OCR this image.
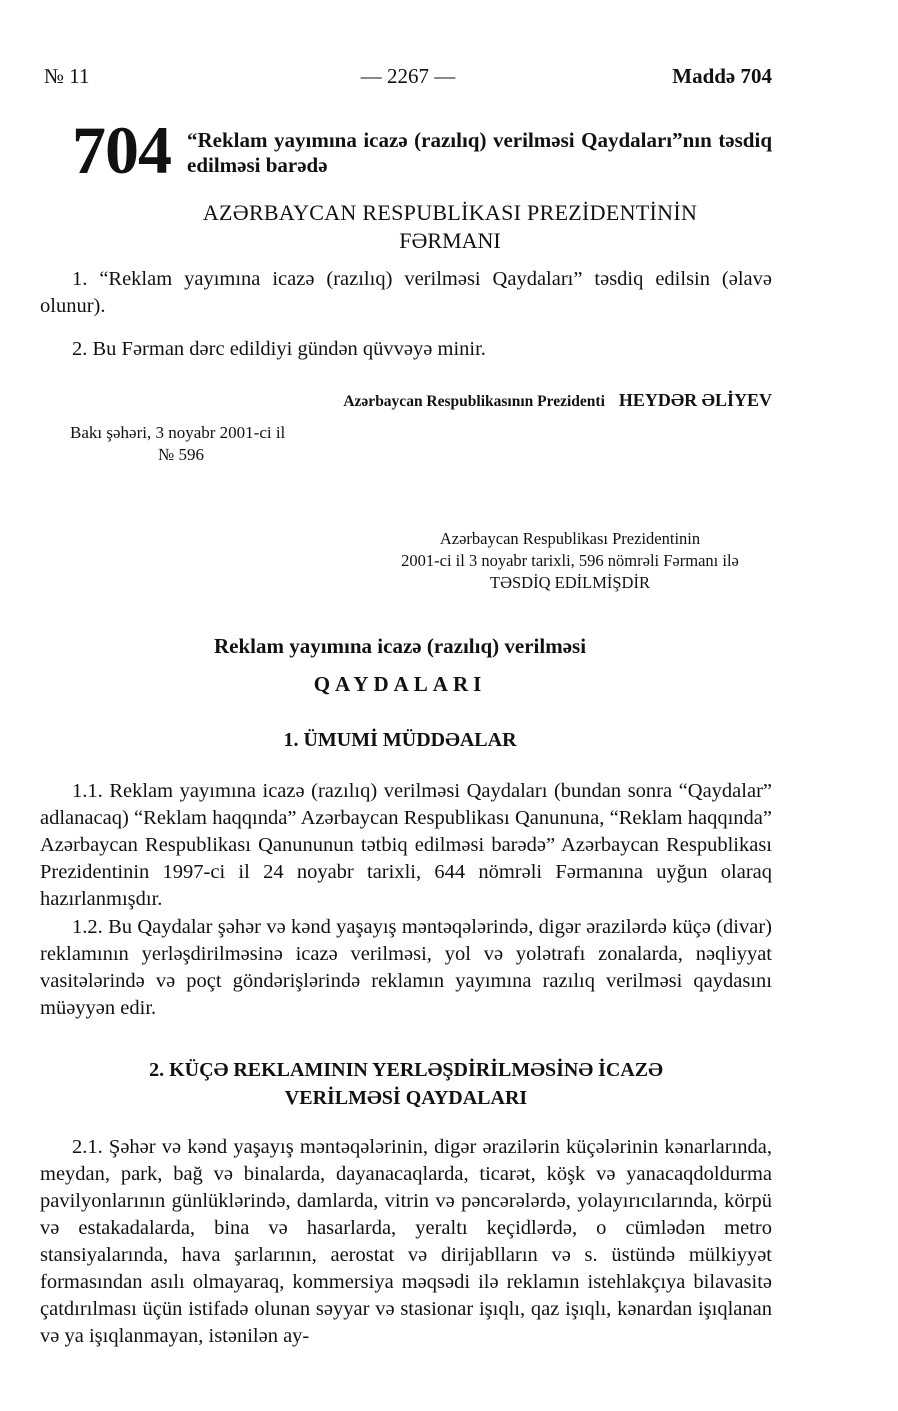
№ 11	— 2267 —	Maddə 704
704 “Reklam yayımına icazə (razılıq) verilməsi Qaydaları”nın təsdiq edilməsi barədə
AZƏRBAYCAN RESPUBLİKASI PREZİDENTİNİN
FƏRMANI

1. “Reklam yayımına icazə (razılıq) verilməsi Qaydaları” təsdiq edilsin (əlavə olunur).

2. Bu Fərman dərc edildiyi gündən qüvvəyə minir.

Azərbaycan Respublikasının Prezidenti HEYDƏR ƏLİYEV
Bakı şəhəri, 3 noyabr 2001-ci il
№ 596
Azərbaycan Respublikası Prezidentinin
2001-ci il 3 noyabr tarixli, 596 nömrəli Fərmanı ilə
TƏSDİQ EDİLMİŞDİR
Reklam yayımına icazə (razılıq) verilməsi
QAYDALARI
1. ÜMUMİ MÜDDƏALAR

1.1. Reklam yayımına icazə (razılıq) verilməsi Qaydaları (bundan sonra “Qaydalar” adlanacaq) “Reklam haqqında” Azərbaycan Respublikası Qanununa, “Reklam haqqında” Azərbaycan Respublikası Qanununun tətbiq edilməsi barədə” Azərbaycan Respublikası Prezidentinin 1997-ci il 24 noyabr tarixli, 644 nömrəli Fərmanına uyğun olaraq hazırlanmışdır.

1.2. Bu Qaydalar şəhər və kənd yaşayış məntəqələrində, digər ərazilərdə küçə (divar) reklamının yerləşdirilməsinə icazə verilməsi, yol və yolətrafı zonalarda, nəqliyyat vasitələrində və poçt göndərişlərində reklamın yayımına razılıq verilməsi qaydasını müəyyən edir.

2. KÜÇƏ REKLAMININ YERLƏŞDİRİLMƏSİNƏ İCAZƏ
VERİLMƏSİ QAYDALARI

2.1. Şəhər və kənd yaşayış məntəqələrinin, digər ərazilərin küçələrinin kənarlarında, meydan, park, bağ və binalarda, dayanacaqlarda, ticarət, köşk və yanacaqdoldurma pavilyonlarının günlüklərində, damlarda, vitrin və pəncərələrdə, yolayırıcılarında, körpü və estakadalarda, bina və hasarlarda, yeraltı keçidlərdə, o cümlədən metro stansiyalarında, hava şarlarının, aerostat və dirijablların və s. üstündə mülkiyyət formasından asılı olmayaraq, kommersiya məqsədi ilə reklamın istehlakçıya bilavasitə çatdırılması üçün istifadə olunan səyyar və stasionar işıqlı, qaz işıqlı, kənardan işıqlanan və ya işıqlanmayan, istənilən ay-
